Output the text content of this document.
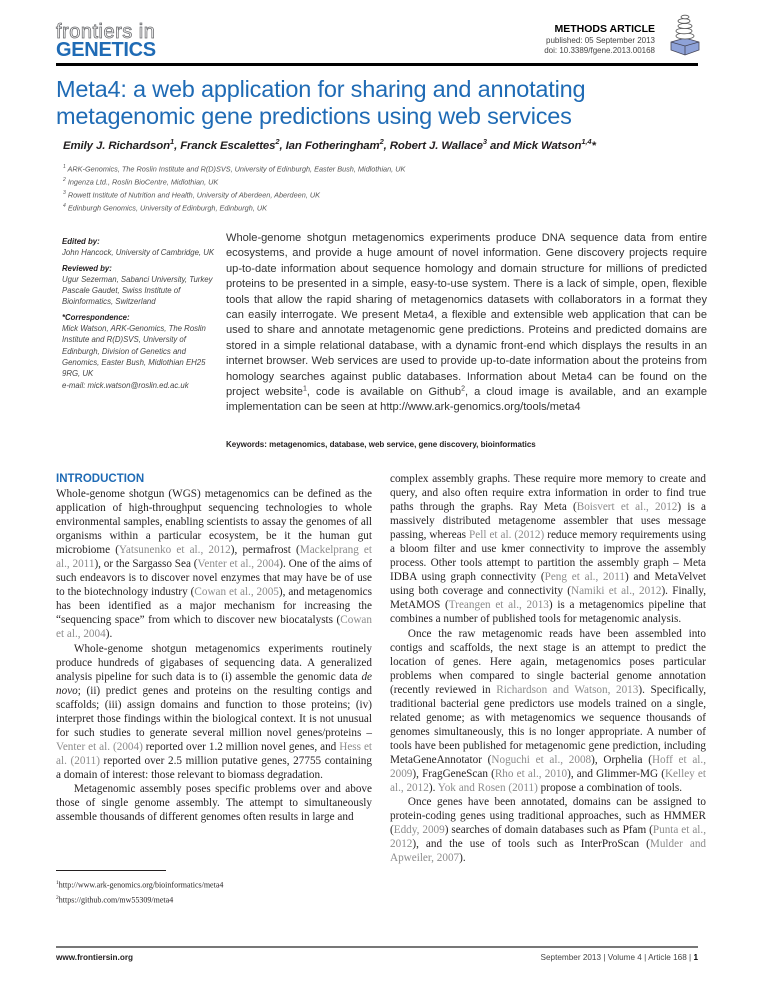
frontiers in
GENETICS
METHODS ARTICLE
published: 05 September 2013
doi: 10.3389/fgene.2013.00168
Meta4: a web application for sharing and annotating metagenomic gene predictions using web services
Emily J. Richardson$^1$, Franck Escalettes$^2$, Ian Fotheringham$^2$, Robert J. Wallace$^3$ and Mick Watson$^{1,4}$*
$^1$ ARK-Genomics, The Roslin Institute and R(D)SVS, University of Edinburgh, Easter Bush, Midlothian, UK
$^2$ Ingenza Ltd., Roslin BioCentre, Midlothian, UK
$^3$ Rowett Institute of Nutrition and Health, University of Aberdeen, Aberdeen, UK
$^4$ Edinburgh Genomics, University of Edinburgh, Edinburgh, UK
Edited by:
John Hancock, University of Cambridge, UK
Reviewed by:
Ugur Sezerman, Sabanci University, Turkey
Pascale Gaudet, Swiss Institute of Bioinformatics, Switzerland
*Correspondence:
Mick Watson, ARK-Genomics, The Roslin Institute and R(D)SVS, University of Edinburgh, Division of Genetics and Genomics, Easter Bush, Midlothian EH25 9RG, UK
e-mail: mick.watson@roslin.ed.ac.uk
Whole-genome shotgun metagenomics experiments produce DNA sequence data from entire ecosystems, and provide a huge amount of novel information. Gene discovery projects require up-to-date information about sequence homology and domain structure for millions of predicted proteins to be presented in a simple, easy-to-use system. There is a lack of simple, open, flexible tools that allow the rapid sharing of metagenomics datasets with collaborators in a format they can easily interrogate. We present Meta4, a flexible and extensible web application that can be used to share and annotate metagenomic gene predictions. Proteins and predicted domains are stored in a simple relational database, with a dynamic front-end which displays the results in an internet browser. Web services are used to provide up-to-date information about the proteins from homology searches against public databases. Information about Meta4 can be found on the project website$^1$, code is available on Github$^2$, a cloud image is available, and an example implementation can be seen at http://www.ark-genomics.org/tools/meta4
Keywords: metagenomics, database, web service, gene discovery, bioinformatics
INTRODUCTION

Whole-genome shotgun (WGS) metagenomics can be defined as the application of high-throughput sequencing technologies to whole environmental samples, enabling scientists to assay the genomes of all organisms within a particular ecosystem, be it the human gut microbiome (Yatsunenko et al., 2012), permafrost (Mackelprang et al., 2011), or the Sargasso Sea (Venter et al., 2004). One of the aims of such endeavors is to discover novel enzymes that may have be of use to the biotechnology industry (Cowan et al., 2005), and metagenomics has been identified as a major mechanism for increasing the “sequencing space” from which to discover new biocatalysts (Cowan et al., 2004).

Whole-genome shotgun metagenomics experiments routinely produce hundreds of gigabases of sequencing data. A generalized analysis pipeline for such data is to (i) assemble the genomic data de novo; (ii) predict genes and proteins on the resulting contigs and scaffolds; (iii) assign domains and function to those proteins; (iv) interpret those findings within the biological context. It is not unusual for such studies to generate several million novel genes/proteins – Venter et al. (2004) reported over 1.2 million novel genes, and Hess et al. (2011) reported over 2.5 million putative genes, 27755 containing a domain of interest: those relevant to biomass degradation.

Metagenomic assembly poses specific problems over and above those of single genome assembly. The attempt to simultaneously assemble thousands of different genomes often results in large and

complex assembly graphs. These require more memory to create and query, and also often require extra information in order to find true paths through the graphs. Ray Meta (Boisvert et al., 2012) is a massively distributed metagenome assembler that uses message passing, whereas Pell et al. (2012) reduce memory requirements using a bloom filter and use kmer connectivity to improve the assembly process. Other tools attempt to partition the assembly graph – Meta IDBA using graph connectivity (Peng et al., 2011) and MetaVelvet using both coverage and connectivity (Namiki et al., 2012). Finally, MetAMOS (Treangen et al., 2013) is a metagenomics pipeline that combines a number of published tools for metagenomic analysis.

Once the raw metagenomic reads have been assembled into contigs and scaffolds, the next stage is an attempt to predict the location of genes. Here again, metagenomics poses particular problems when compared to single bacterial genome annotation (recently reviewed in Richardson and Watson, 2013). Specifically, traditional bacterial gene predictors use models trained on a single, related genome; as with metagenomics we sequence thousands of genomes simultaneously, this is no longer appropriate. A number of tools have been published for metagenomic gene prediction, including MetaGeneAnnotator (Noguchi et al., 2008), Orphelia (Hoff et al., 2009), FragGeneScan (Rho et al., 2010), and Glimmer-MG (Kelley et al., 2012). Yok and Rosen (2011) propose a combination of tools.

Once genes have been annotated, domains can be assigned to protein-coding genes using traditional approaches, such as HMMER (Eddy, 2009) searches of domain databases such as Pfam (Punta et al., 2012), and the use of tools such as InterProScan (Mulder and Apweiler, 2007).

$^1$http://www.ark-genomics.org/bioinformatics/meta4
$^2$https://github.com/mw55309/meta4
www.frontiersin.org	September 2013 | Volume 4 | Article 168 | 1
